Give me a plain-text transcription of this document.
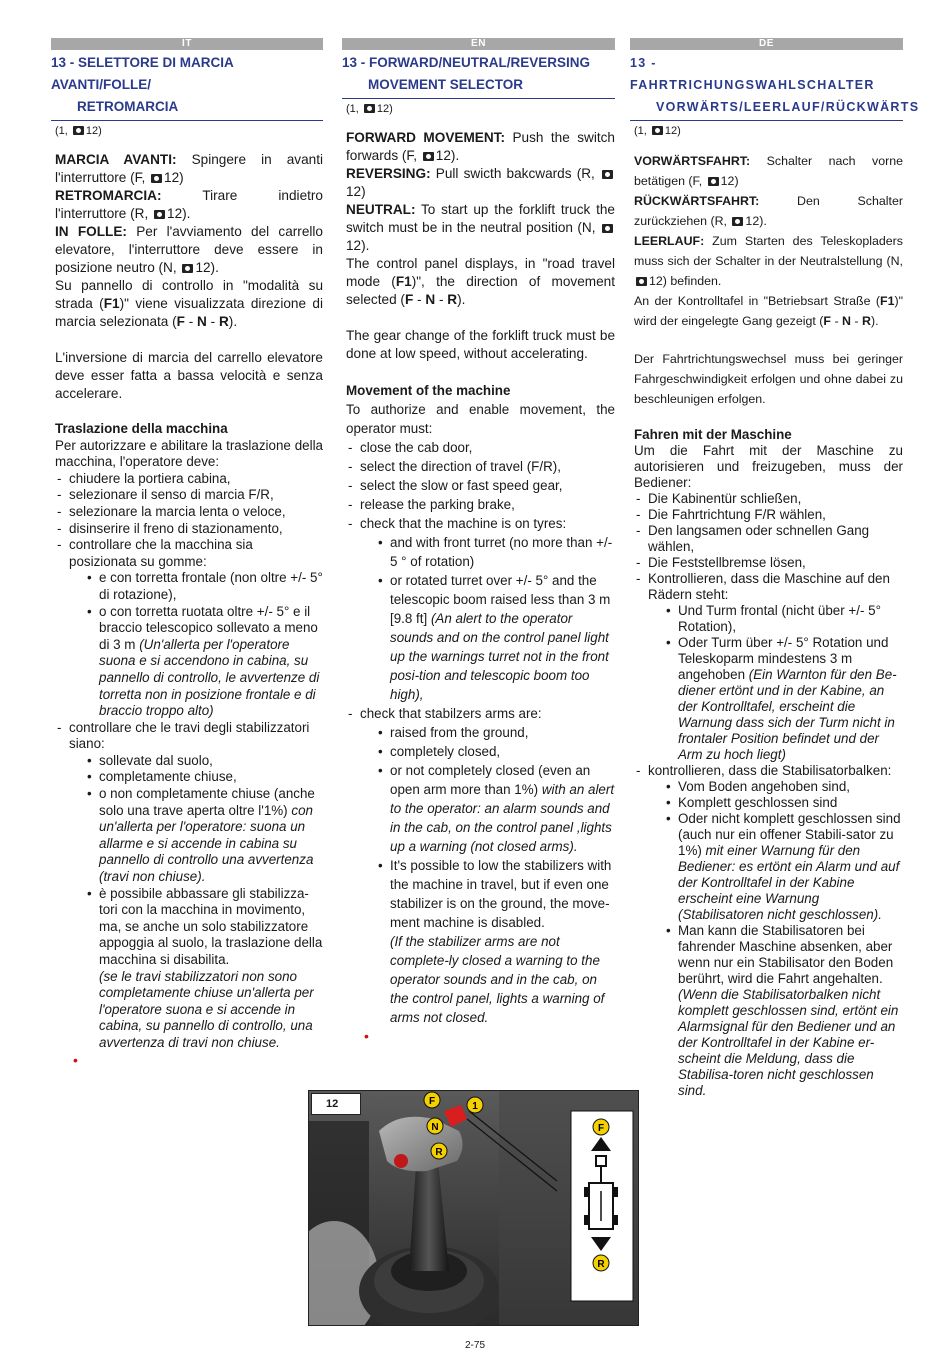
IT
13 - SELETTORE DI MARCIA AVANTI/FOLLE/
RETROMARCIA
(1, 12)
MARCIA AVANTI: Spingere in avanti l'interruttore (F, 12)
RETROMARCIA: Tirare indietro l'interruttore (R, 12).
IN FOLLE: Per l'avviamento del carrello elevatore, l'interruttore deve essere in posizione neutro (N, 12).
Su pannello di controllo in "modalità su strada (F1)" viene visualizzata direzione di marcia selezionata (F - N - R).
L'inversione di marcia del carrello elevatore deve esser fatta a bassa velocità e senza accelerare.
Traslazione della macchina
Per autorizzare e abilitare la traslazione della macchina, l'operatore deve:
- chiudere la portiera cabina,
- selezionare il senso di marcia F/R,
- selezionare la marcia lenta o veloce,
- disinserire il freno di stazionamento,
- controllare che la macchina sia posizionata su gomme:
• e con torretta frontale (non oltre +/- 5° di rotazione),
• o con torretta ruotata oltre +/- 5° e il braccio telescopico sollevato a meno di 3 m (Un'allerta per l'operatore suona e si accendono in cabina, su pannello di controllo, le avvertenze di torretta non in posizione frontale e di braccio troppo alto)
- controllare che le travi degli stabilizzatori siano:
• sollevate dal suolo,
• completamente chiuse,
• o non completamente chiuse (anche solo una trave aperta oltre l'1%) con un'allerta per l'operatore: suona un allarme e si accende in cabina su pannello di controllo una avvertenza (travi non chiuse).
• è possibile abbassare gli stabilizza-tori con la macchina in movimento, ma, se anche un solo stabilizzatore appoggia al suolo, la traslazione della macchina si disabilita.
(se le travi stabilizzatori non sono completamente chiuse un'allerta per l'operatore suona e si accende in cabina, su pannello di controllo, una avvertenza di travi non chiuse.
•
EN
13 - FORWARD/NEUTRAL/REVERSING
MOVEMENT SELECTOR
(1, 12)
FORWARD MOVEMENT: Push the switch forwards (F, 12).
REVERSING: Pull swicth bakcwards (R, 12)
NEUTRAL: To start up the forklift truck the switch must be in the neutral position (N, 12).
The control panel displays, in "road travel mode (F1)", the direction of movement selected (F - N - R).
The gear change of the forklift truck must be done at low speed, without accelerating.
Movement of the machine
To authorize and enable movement, the operator must:
- close the cab door,
- select the direction of travel (F/R),
- select the slow or fast speed gear,
- release the parking brake,
- check that the machine is on tyres:
• and with front turret (no more than +/- 5 ° of rotation)
• or rotated turret over +/- 5° and the telescopic boom raised less than 3 m [9.8 ft] (An alert to the operator sounds and on the control panel light up the warnings turret not in the front posi-tion and telescopic boom too high),
- check that stabilzers arms are:
• raised from the ground,
• completely closed,
• or not completely closed (even an open arm more than 1%) with an alert to the operator: an alarm sounds and in the cab, on the control panel ,lights up a warning (not closed arms).
• It's possible to low the stabilizers with the machine in travel, but if even one stabilizer is on the ground, the move-ment machine is disabled.
(If the stabilizer arms are not complete-ly closed a warning to the operator sounds and in the cab, on the control panel, lights a warning of arms not closed.
•
DE
13 - FAHRTRICHUNGSWAHLSCHALTER
VORWÄRTS/LEERLAUF/RÜCKWÄRTS
(1, 12)
VORWÄRTSFAHRT: Schalter nach vorne betätigen (F, 12)
RÜCKWÄRTSFAHRT: Den Schalter zurückziehen (R, 12).
LEERLAUF: Zum Starten des Teleskopladers muss sich der Schalter in der Neutralstellung (N, 12) befinden.
An der Kontrolltafel in "Betriebsart Straße (F1)" wird der eingelegte Gang gezeigt (F - N - R).
Der Fahrtrichtungswechsel muss bei geringer Fahrgeschwindigkeit erfolgen und ohne dabei zu beschleunigen erfolgen.
Fahren mit der Maschine
Um die Fahrt mit der Maschine zu autorisieren und freizugeben, muss der Bediener:
- Die Kabinentür schließen,
- Die Fahrtrichtung F/R wählen,
- Den langsamen oder schnellen Gang wählen,
- Die Feststellbremse lösen,
- Kontrollieren, dass die Maschine auf den Rädern steht:
• Und Turm frontal (nicht über +/- 5° Rotation),
• Oder Turm über +/- 5° Rotation und Teleskoparm mindestens 3 m angehoben (Ein Warnton für den Be-diener ertönt und in der Kabine, an der Kontrolltafel, erscheint die Warnung dass sich der Turm nicht in frontaler Position befindet und der Arm zu hoch liegt)
- kontrollieren, dass die Stabilisatorbalken:
• Vom Boden angehoben sind,
• Komplett geschlossen sind
• Oder nicht komplett geschlossen sind (auch nur ein offener Stabili-sator zu 1%) mit einer Warnung für den Bediener: es ertönt ein Alarm und auf der Kontrolltafel in der Kabine erscheint eine Warnung (Stabilisatoren nicht geschlossen).
• Man kann die Stabilisatoren bei fahrender Maschine absenken, aber wenn nur ein Stabilisator den Boden berührt, wird die Fahrt angehalten.
(Wenn die Stabilisatorbalken nicht komplett geschlossen sind, ertönt ein Alarmsignal für den Bediener und an der Kontrolltafel in der Kabine er-scheint die Meldung, dass die Stabilisa-toren nicht geschlossen sind.
12	F
N
R
1
F
R
2-75
